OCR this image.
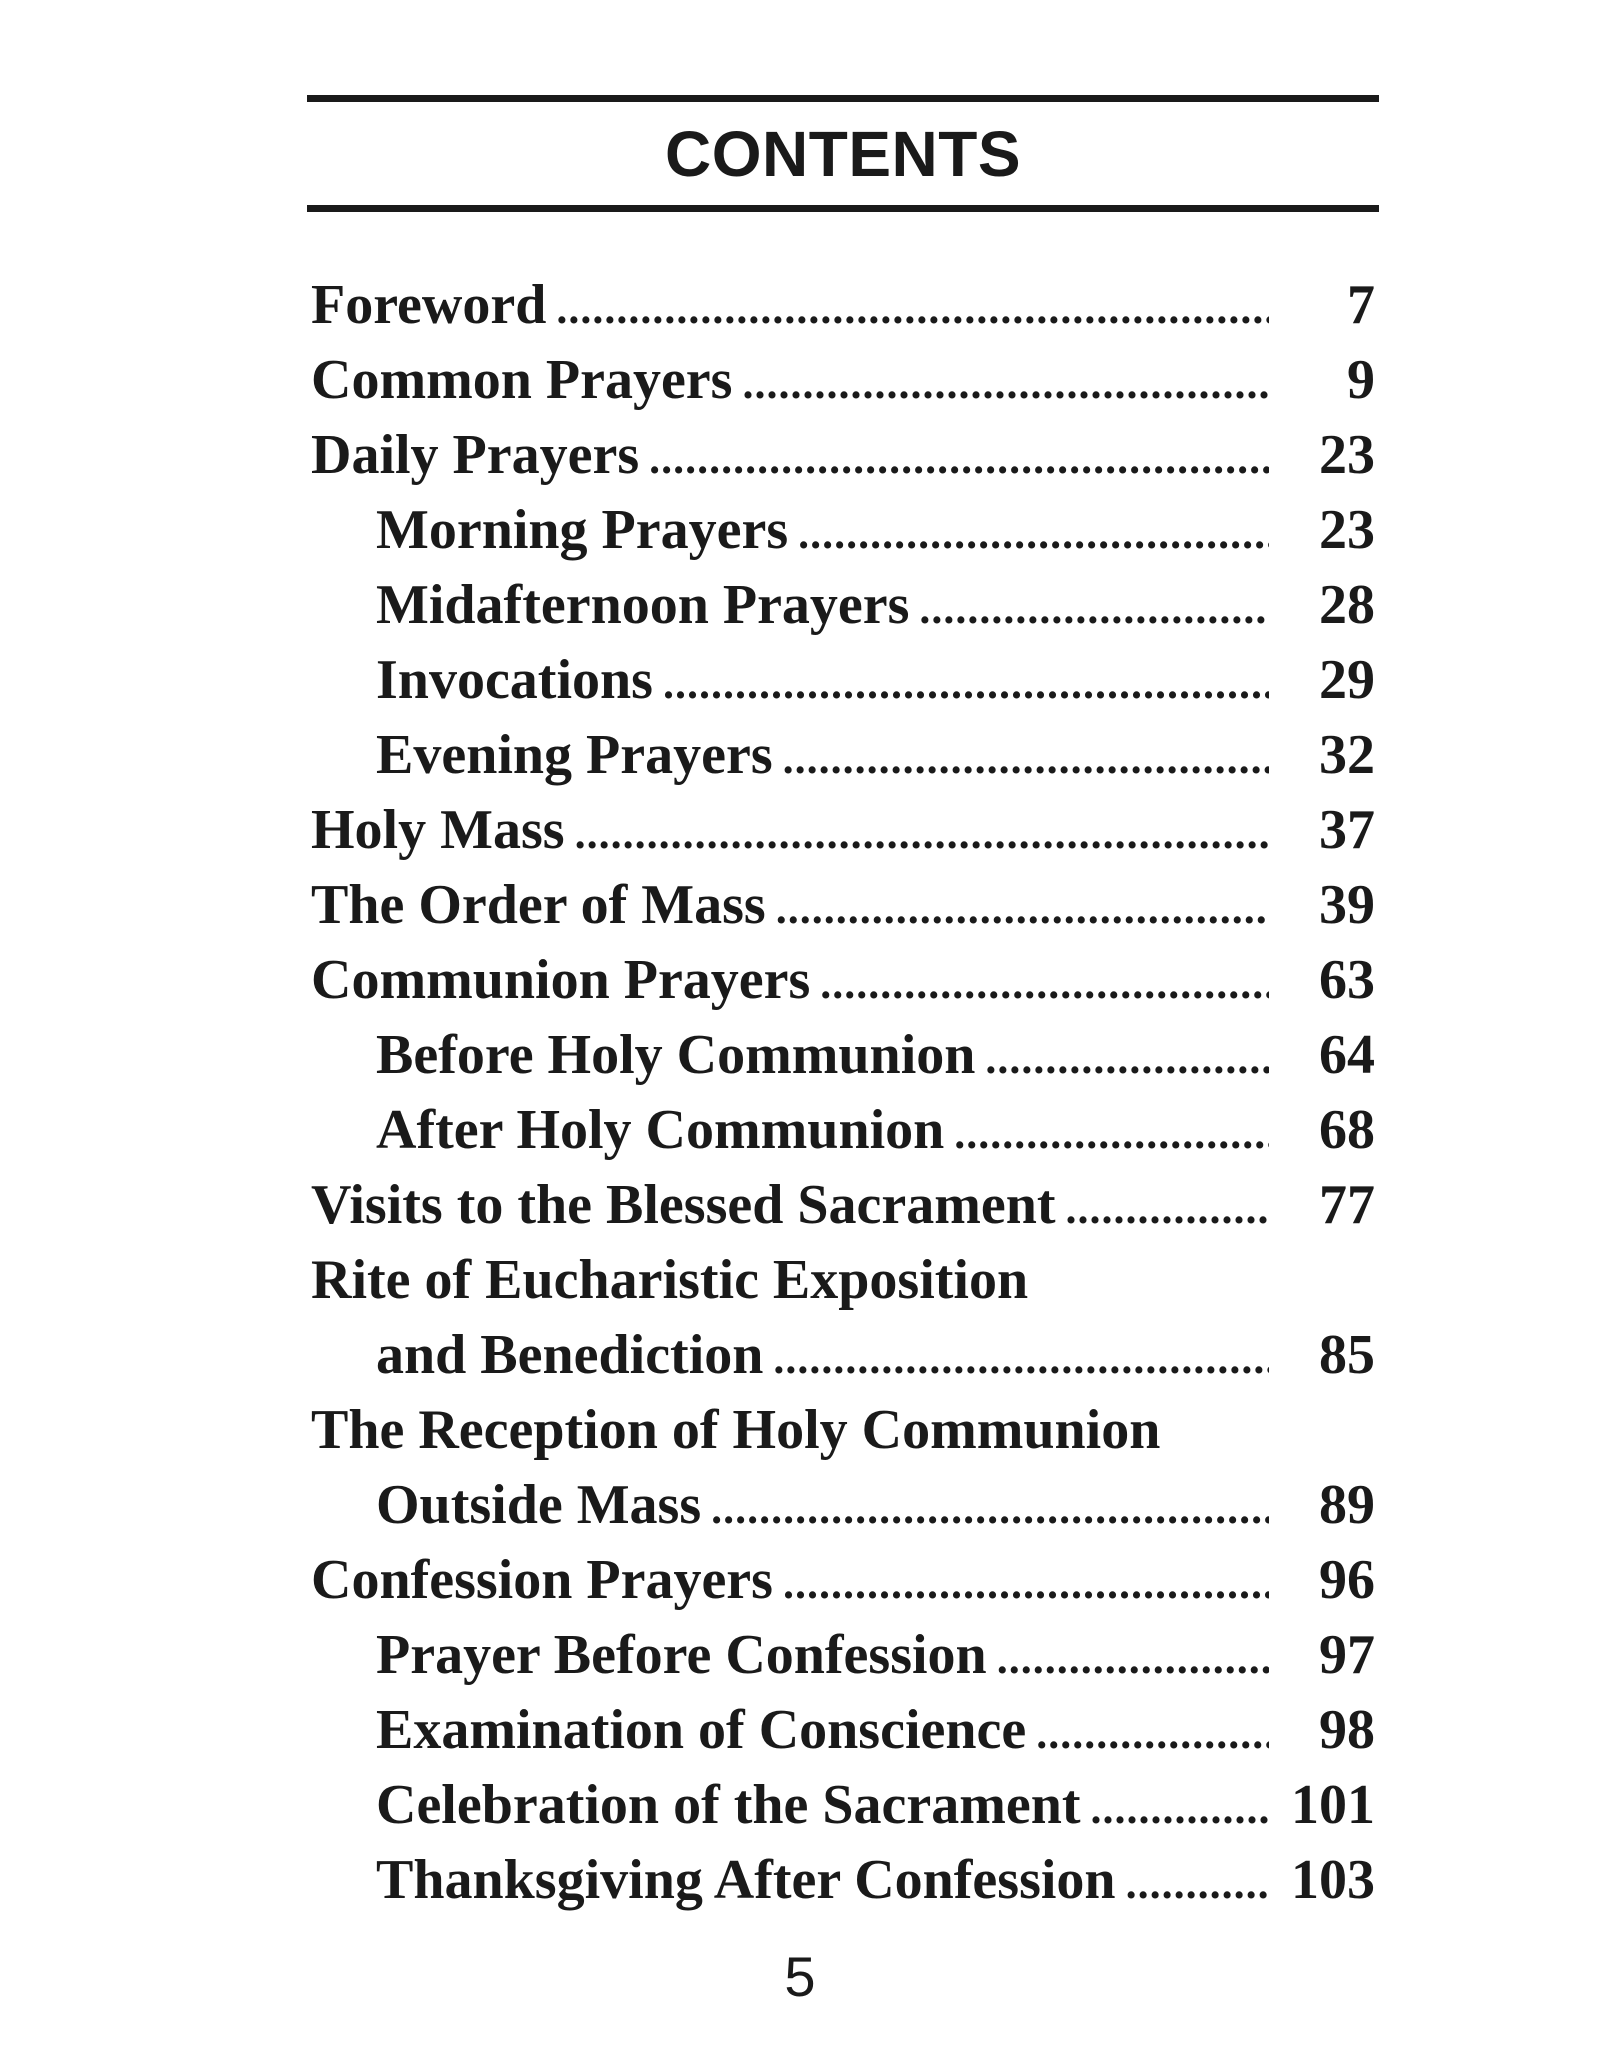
CONTENTS
Foreword .....	7
Common Prayers .....	9
Daily Prayers .....	23
Morning Prayers .....	23
Midafternoon Prayers .....	28
Invocations .....	29
Evening Prayers .....	32
Holy Mass .....	37
The Order of Mass .....	39
Communion Prayers .....	63
Before Holy Communion .....	64
After Holy Communion .....	68
Visits to the Blessed Sacrament .....	77
Rite of Eucharistic Exposition
and Benediction .....	85
The Reception of Holy Communion
Outside Mass .....	89
Confession Prayers .....	96
Prayer Before Confession .....	97
Examination of Conscience .....	98
Celebration of the Sacrament .....	101
Thanksgiving After Confession .....	103
5
